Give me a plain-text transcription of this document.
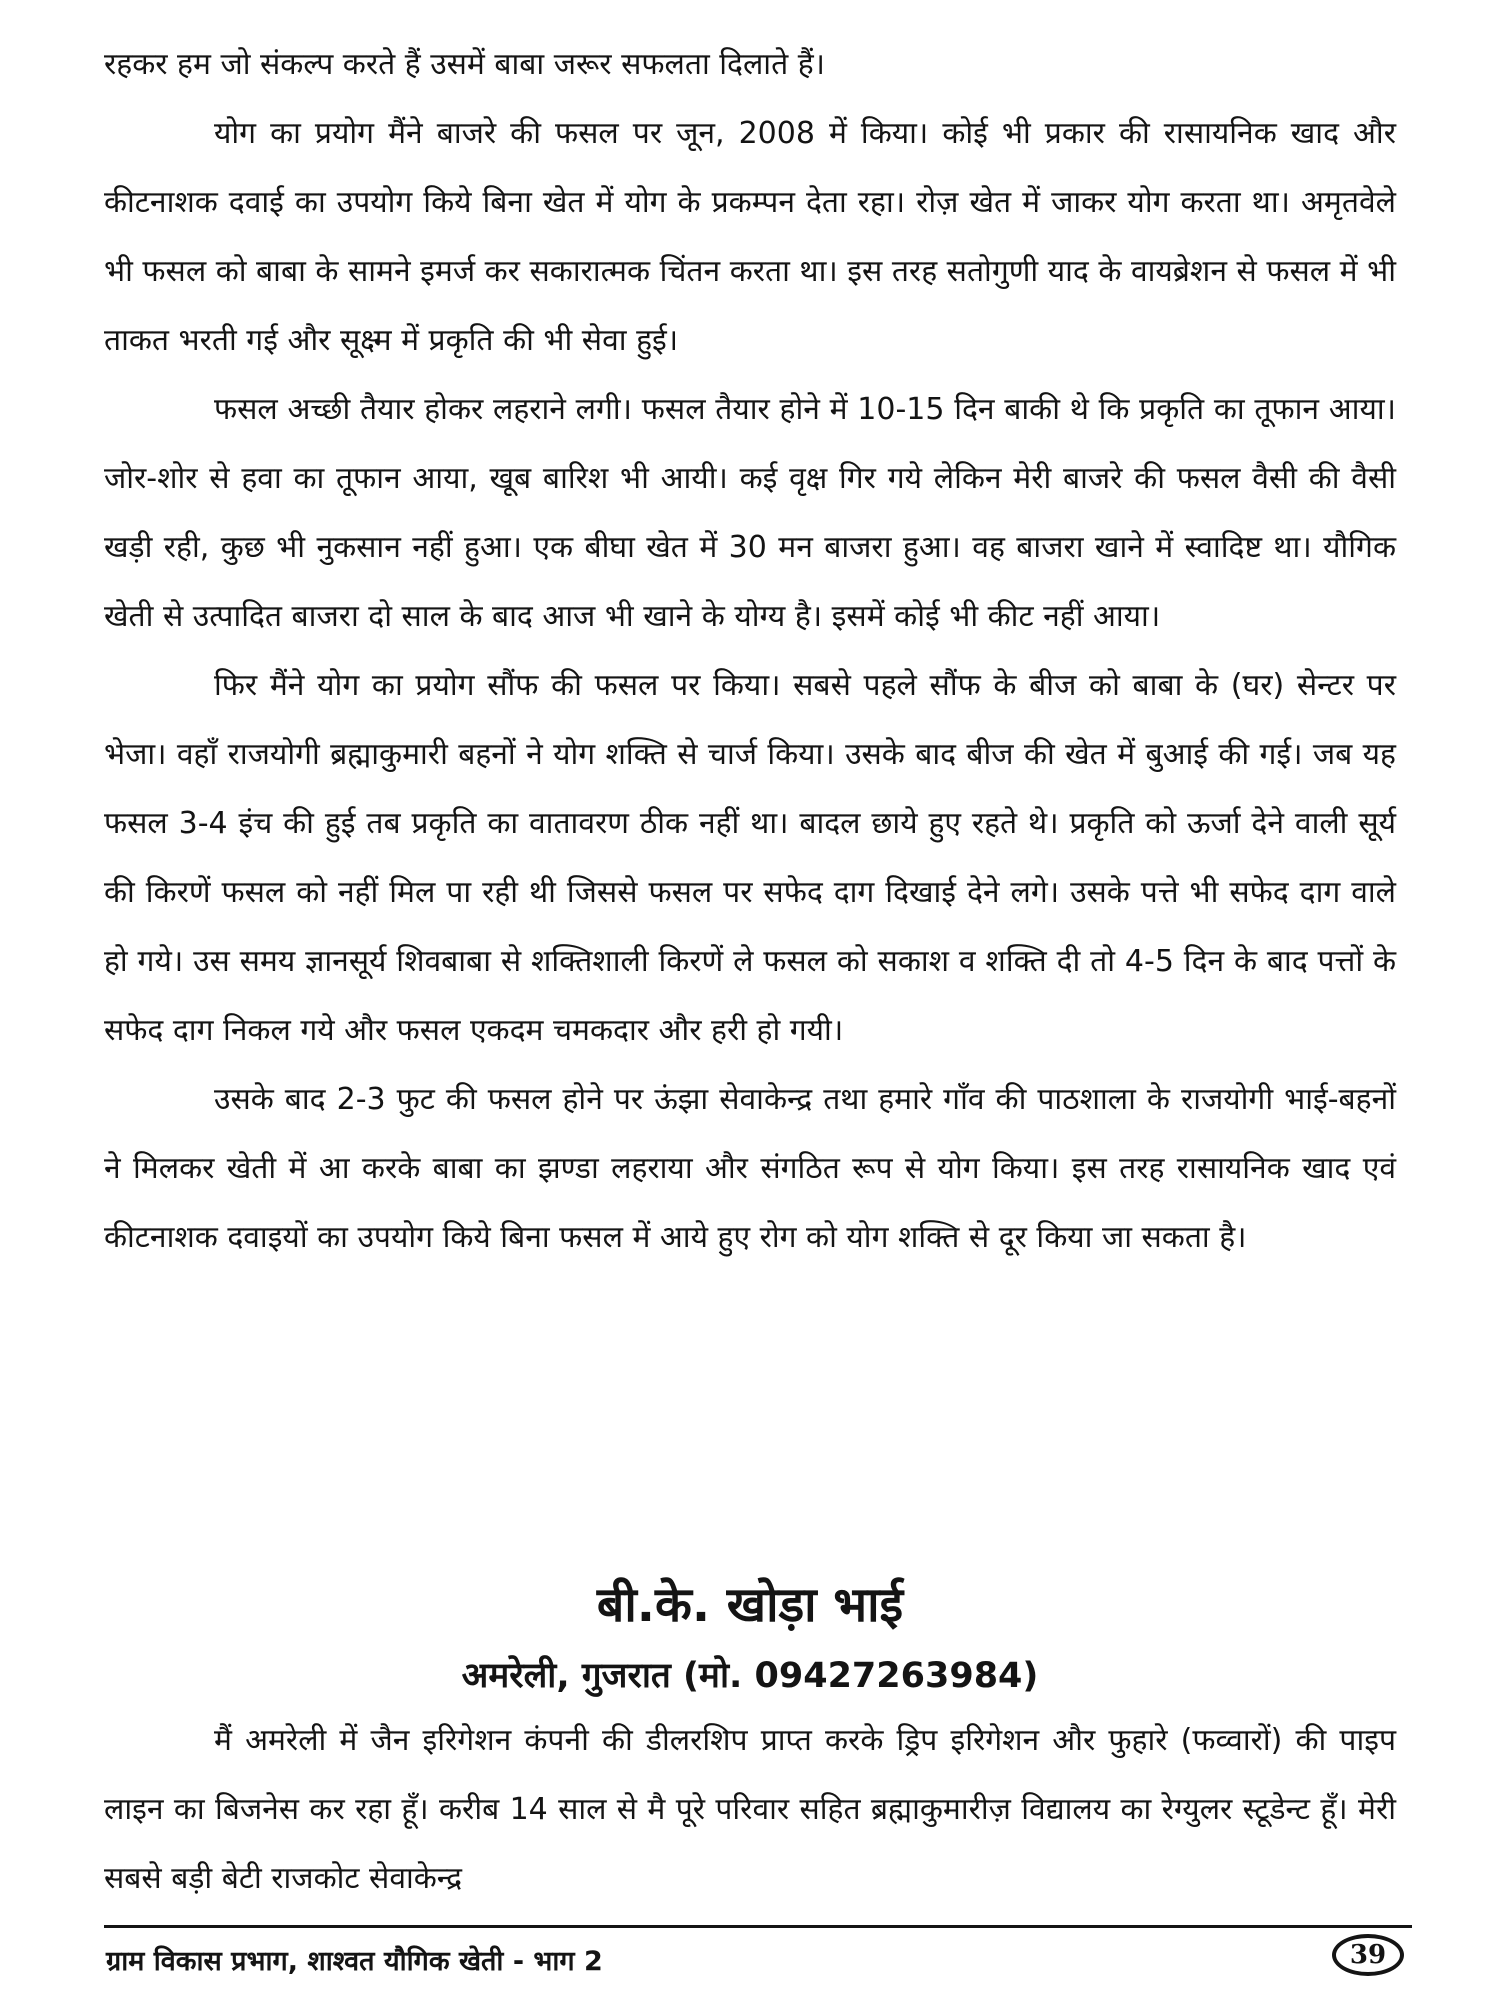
रहकर हम जो संकल्प करते हैं उसमें बाबा जरूर सफलता दिलाते हैं।

योग का प्रयोग मैंने बाजरे की फसल पर जून, 2008 में किया। कोई भी प्रकार की रासायनिक खाद और कीटनाशक दवाई का उपयोग किये बिना खेत में योग के प्रकम्पन देता रहा। रोज़ खेत में जाकर योग करता था। अमृतवेले भी फसल को बाबा के सामने इमर्ज कर सकारात्मक चिंतन करता था। इस तरह सतोगुणी याद के वायब्रेशन से फसल में भी ताकत भरती गई और सूक्ष्म में प्रकृति की भी सेवा हुई।

फसल अच्छी तैयार होकर लहराने लगी। फसल तैयार होने में 10-15 दिन बाकी थे कि प्रकृति का तूफान आया। जोर-शोर से हवा का तूफान आया, खूब बारिश भी आयी। कई वृक्ष गिर गये लेकिन मेरी बाजरे की फसल वैसी की वैसी खड़ी रही, कुछ भी नुकसान नहीं हुआ। एक बीघा खेत में 30 मन बाजरा हुआ। वह बाजरा खाने में स्वादिष्ट था। यौगिक खेती से उत्पादित बाजरा दो साल के बाद आज भी खाने के योग्य है। इसमें कोई भी कीट नहीं आया।

फिर मैंने योग का प्रयोग सौंफ की फसल पर किया। सबसे पहले सौंफ के बीज को बाबा के (घर) सेन्टर पर भेजा। वहाँ राजयोगी ब्रह्माकुमारी बहनों ने योग शक्ति से चार्ज किया। उसके बाद बीज की खेत में बुआई की गई। जब यह फसल 3-4 इंच की हुई तब प्रकृति का वातावरण ठीक नहीं था। बादल छाये हुए रहते थे। प्रकृति को ऊर्जा देने वाली सूर्य की किरणें फसल को नहीं मिल पा रही थी जिससे फसल पर सफेद दाग दिखाई देने लगे। उसके पत्ते भी सफेद दाग वाले हो गये। उस समय ज्ञानसूर्य शिवबाबा से शक्तिशाली किरणें ले फसल को सकाश व शक्ति दी तो 4-5 दिन के बाद पत्तों के सफेद दाग निकल गये और फसल एकदम चमकदार और हरी हो गयी।

उसके बाद 2-3 फुट की फसल होने पर ऊंझा सेवाकेन्द्र तथा हमारे गाँव की पाठशाला के राजयोगी भाई-बहनों ने मिलकर खेती में आ करके बाबा का झण्डा लहराया और संगठित रूप से योग किया। इस तरह रासायनिक खाद एवं कीटनाशक दवाइयों का उपयोग किये बिना फसल में आये हुए रोग को योग शक्ति से दूर किया जा सकता है।

बी.के. खोड़ा भाई
अमरेली, गुजरात (मो. 09427263984)

मैं अमरेली में जैन इरिगेशन कंपनी की डीलरशिप प्राप्त करके ड्रिप इरिगेशन और फुहारे (फव्वारों) की पाइप लाइन का बिजनेस कर रहा हूँ। करीब 14 साल से मै पूरे परिवार सहित ब्रह्माकुमारीज़ विद्यालय का रेग्युलर स्टूडेन्ट हूँ। मेरी सबसे बड़ी बेटी राजकोट सेवाकेन्द्र

ग्राम विकास प्रभाग, शाश्वत यौगिक खेती - भाग 2	39
